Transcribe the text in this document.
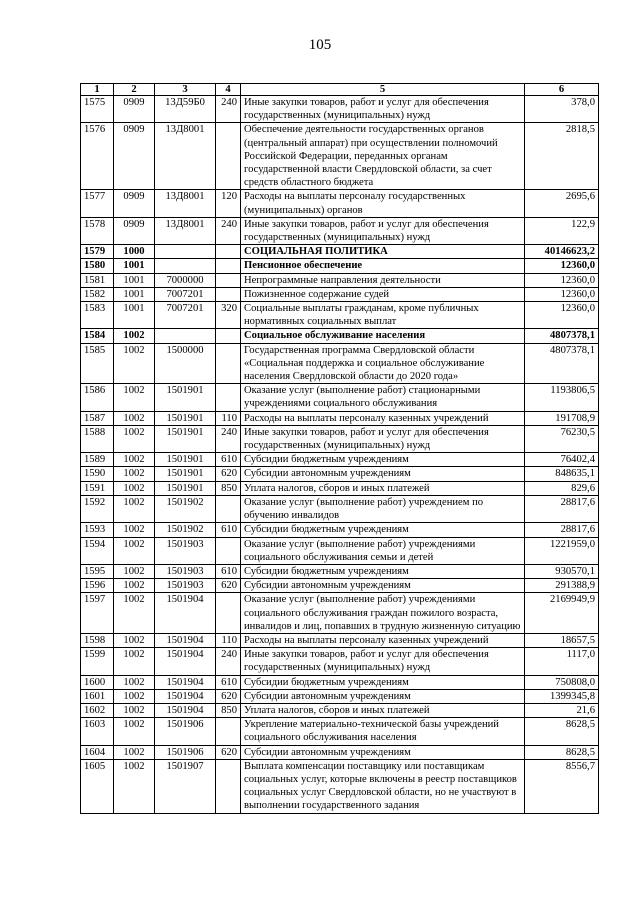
105
1	2	3	4	5	6
1575	0909	13Д59Б0	240	Иные закупки товаров, работ и услуг для обеспечения
государственных (муниципальных) нужд	378,0
1576	0909	13Д8001		Обеспечение деятельности государственных органов
(центральный аппарат) при осуществлении полномочий
Российской Федерации, переданных органам
государственной власти Свердловской области, за счет
средств областного бюджета	2818,5
1577	0909	13Д8001	120	Расходы на выплаты персоналу государственных
(муниципальных) органов	2695,6
1578	0909	13Д8001	240	Иные закупки товаров, работ и услуг для обеспечения
государственных (муниципальных) нужд	122,9
1579	1000			СОЦИАЛЬНАЯ ПОЛИТИКА	40146623,2
1580	1001			Пенсионное обеспечение	12360,0
1581	1001	7000000		Непрограммные направления деятельности	12360,0
1582	1001	7007201		Пожизненное содержание судей	12360,0
1583	1001	7007201	320	Социальные выплаты гражданам, кроме публичных
нормативных социальных выплат	12360,0
1584	1002			Социальное обслуживание населения	4807378,1
1585	1002	1500000		Государственная программа Свердловской области
«Социальная поддержка и социальное обслуживание
населения Свердловской области до 2020 года»	4807378,1
1586	1002	1501901		Оказание услуг (выполнение работ) стационарными
учреждениями социального обслуживания	1193806,5
1587	1002	1501901	110	Расходы на выплаты персоналу казенных учреждений	191708,9
1588	1002	1501901	240	Иные закупки товаров, работ и услуг для обеспечения
государственных (муниципальных) нужд	76230,5
1589	1002	1501901	610	Субсидии бюджетным учреждениям	76402,4
1590	1002	1501901	620	Субсидии автономным учреждениям	848635,1
1591	1002	1501901	850	Уплата налогов, сборов и иных платежей	829,6
1592	1002	1501902		Оказание услуг (выполнение работ) учреждением по
обучению инвалидов	28817,6
1593	1002	1501902	610	Субсидии бюджетным учреждениям	28817,6
1594	1002	1501903		Оказание услуг (выполнение работ) учреждениями
социального обслуживания семьи и детей	1221959,0
1595	1002	1501903	610	Субсидии бюджетным учреждениям	930570,1
1596	1002	1501903	620	Субсидии автономным учреждениям	291388,9
1597	1002	1501904		Оказание услуг (выполнение работ) учреждениями
социального обслуживания граждан пожилого возраста,
инвалидов и лиц, попавших в трудную жизненную ситуацию	2169949,9
1598	1002	1501904	110	Расходы на выплаты персоналу казенных учреждений	18657,5
1599	1002	1501904	240	Иные закупки товаров, работ и услуг для обеспечения
государственных (муниципальных) нужд	1117,0
1600	1002	1501904	610	Субсидии бюджетным учреждениям	750808,0
1601	1002	1501904	620	Субсидии автономным учреждениям	1399345,8
1602	1002	1501904	850	Уплата налогов, сборов и иных платежей	21,6
1603	1002	1501906		Укрепление материально-технической базы учреждений
социального обслуживания населения	8628,5
1604	1002	1501906	620	Субсидии автономным учреждениям	8628,5
1605	1002	1501907		Выплата компенсации поставщику или поставщикам
социальных услуг, которые включены в реестр поставщиков
социальных услуг Свердловской области, но не участвуют в
выполнении государственного задания	8556,7
